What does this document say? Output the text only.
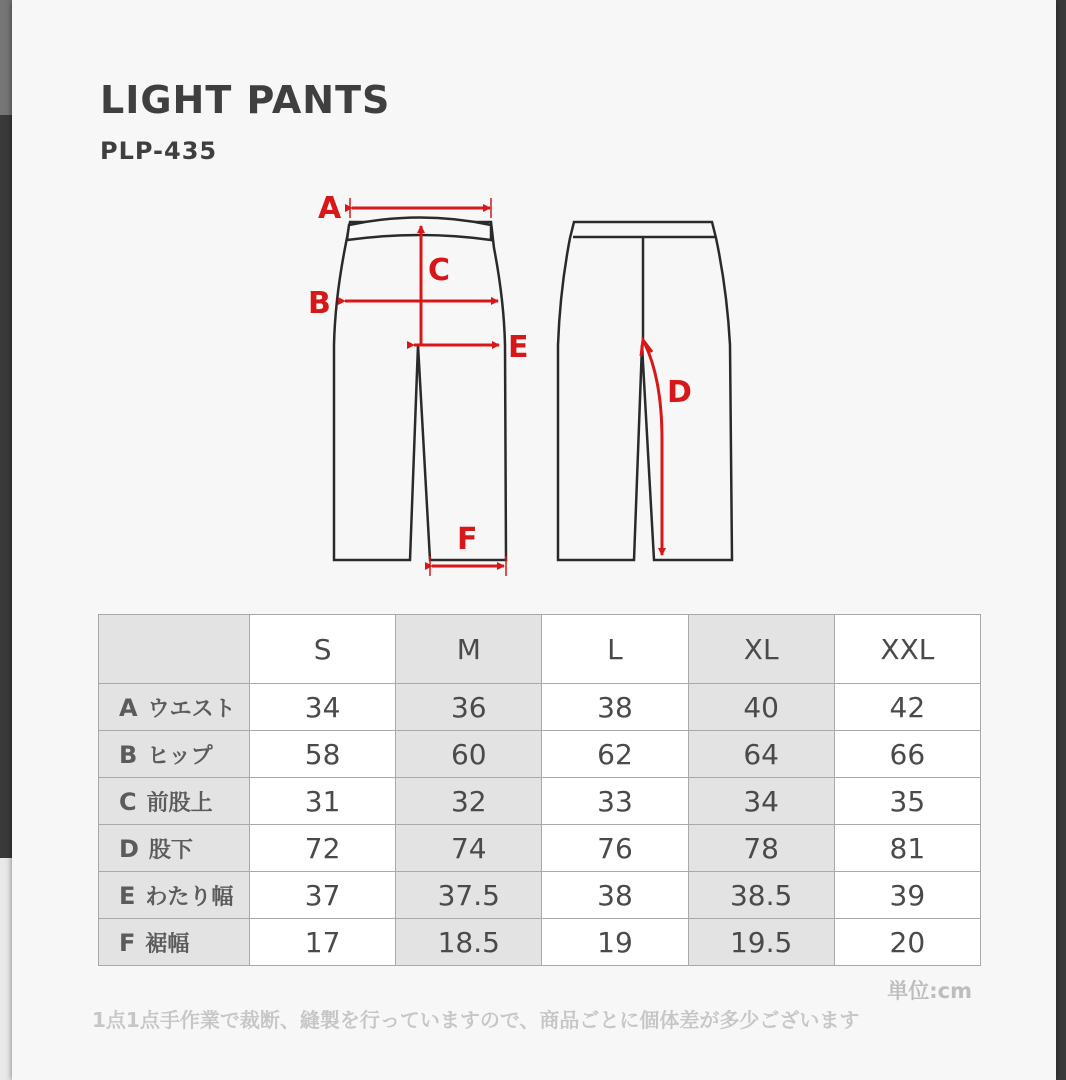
LIGHT PANTS
PLP-435
A
C
B
E
F
D
	S	M	L	XL	XXL
A ウエスト	34	36	38	40	42
B ヒップ	58	60	62	64	66
C 前股上	31	32	33	34	35
D 股下	72	74	76	78	81
E わたり幅	37	37.5	38	38.5	39
F 裾幅	17	18.5	19	19.5	20
単位:cm
1点1点手作業で裁断、縫製を行っていますので、商品ごとに個体差が多少ございます
